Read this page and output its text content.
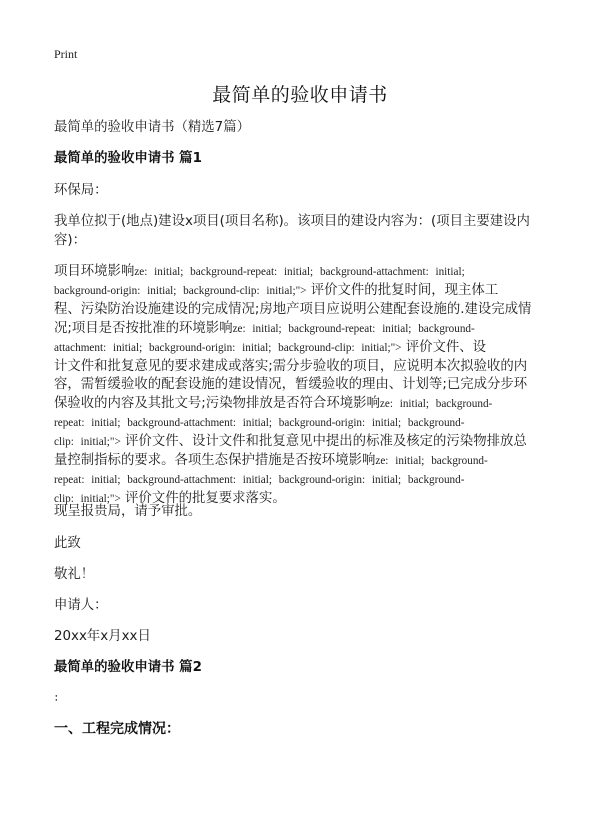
Print
最简单的验收申请书
最简单的验收申请书（精选7篇）
最简单的验收申请书 篇1
环保局：
我单位拟于(地点)建设x项目(项目名称)。该项目的建设内容为：(项目主要建设内
容)：
项目环境影响ze: initial; background-repeat: initial; background-attachment: initial;
background-origin: initial; background-clip: initial;"> 评价文件的批复时间，现主体工
程、污染防治设施建设的完成情况;房地产项目应说明公建配套设施的.建设完成情
况;项目是否按批准的环境影响ze: initial; background-repeat: initial; background-
attachment: initial; background-origin: initial; background-clip: initial;"> 评价文件、设
计文件和批复意见的要求建成或落实;需分步验收的项目，应说明本次拟验收的内
容，需暂缓验收的配套设施的建设情况，暂缓验收的理由、计划等;已完成分步环
保验收的内容及其批文号;污染物排放是否符合环境影响ze: initial; background-
repeat: initial; background-attachment: initial; background-origin: initial; background-
clip: initial;"> 评价文件、设计文件和批复意见中提出的标准及核定的污染物排放总
量控制指标的要求。各项生态保护措施是否按环境影响ze: initial; background-
repeat: initial; background-attachment: initial; background-origin: initial; background-
clip: initial;"> 评价文件的批复要求落实。
现呈报贵局，请予审批。
此致
敬礼！
申请人：
20xx年x月xx日
最简单的验收申请书 篇2
：
一、工程完成情况：
